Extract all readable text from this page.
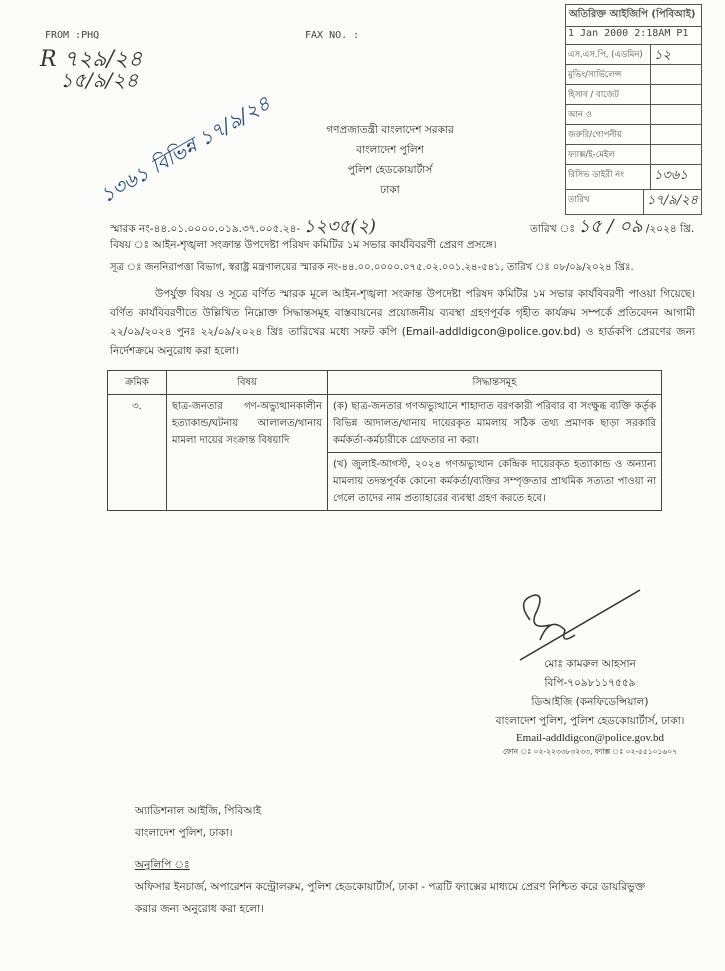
FROM :PHQ	FAX NO. :
R ৭২৯/২৪
১৫/৯/২৪
অতিরিক্ত আইজিপি (পিবিআই)
1 Jan 2000 2:18AM P1
এস.এস.পি, (এডমিন) ১২
মুভিং/সার্ভিলেন্স
হিসাব / বাজেট
আন ও
জরুরি/গোপনীয়
ফ্যাক্স/ই-মেইল
রিসিভ ডাইরী নং	১৩৬১
তারিখ	১৭/৯/২৪
১৩৬১ বিভিন্ন ১৭/৯/২৪	গণপ্রজাতন্ত্রী বাংলাদেশ সরকার
বাংলাদেশ পুলিশ
পুলিশ হেডকোয়ার্টার্স
ঢাকা
স্মারক নং-৪৪.০১.০০০০.০১৯.৩৭.০০৫.২৪- ১২৩৫(২)	তারিখ ঃ ১৫ / ০৯ /২০২৪ খ্রি.
বিষয় ঃ আইন-শৃঙ্খলা সংক্রান্ত উপদেষ্টা পরিষদ কমিটির ১ম সভার কার্যবিবরণী প্রেরণ প্রসঙ্গে।
সূত্র ঃ জননিরাপত্তা বিভাগ, স্বরাষ্ট্র মন্ত্রণালয়ের স্মারক নং-৪৪.০০.০০০০.০৭৫.০২.০০১.২৪-৫৪১, তারিখ ঃ ০৮/০৯/২০২৪ খ্রিঃ.
উপর্যুক্ত বিষয় ও সূত্রে বর্ণিত স্মারক মূলে আইন-শৃঙ্খলা সংক্রান্ত উপদেষ্টা পরিষদ কমিটির ১ম সভার কার্যবিবরণী পাওয়া গিয়েছে। বর্ণিত কার্যবিবরণীতে উল্লিখিত নিম্নোক্ত সিদ্ধান্তসমূহ বাস্তবায়নের প্রয়োজনীয় ব্যবস্থা গ্রহণপূর্বক গৃহীত কার্যক্রম সম্পর্কে প্রতিবেদন আগামী ২২/০৯/২০২৪ পুনঃ ২২/০৯/২০২৪ খ্রিঃ তারিখের মধ্যে সফট কপি (Email-addldigcon@police.gov.bd) ও হার্ডকপি প্রেরণের জন্য নির্দেশক্রমে অনুরোধ করা হলো।
ক্রমিক	বিষয়	সিদ্ধান্তসমূহ
৩.	ছাত্র-জনতার গণ-অভ্যুত্থানকালীন হত্যাকান্ড/ঘটনায় আলালত/থানায় মামলা দায়ের সংক্রান্ত বিষয়াদি	(ক) ছাত্র-জনতার গণঅভ্যুত্থানে শাহাদাত বরণকারী পরিবার বা সংক্ষুব্ধ ব্যক্তি কর্তৃক বিভিন্ন আদালত/থানায় দায়েরকৃত মামলায় সঠিক তথ্য প্রমাণক ছাড়া সরকারি কর্মকর্তা-কর্মচারীকে গ্রেফতার না করা।
		(খ) জুলাই-আগস্ট, ২০২৪ গণঅভ্যুত্থান কেন্দ্রিক দায়েরকৃত হত্যাকান্ড ও অন্যান্য মামলায় তদন্তপূর্বক কোনো কর্মকর্তা/ব্যক্তির সম্পৃক্ততার প্রাথমিক সত্যতা পাওয়া না গেলে তাদের নাম প্রত্যাহারের ব্যবস্থা গ্রহণ করতে হবে।
মোঃ কামরুল আহসান
বিপি-৭০৯৮১১৭৫৫৯
ডিআইজি (কনফিডেন্সিয়াল)
বাংলাদেশ পুলিশ, পুলিশ হেডকোয়ার্টার্স, ঢাকা।
Email-addldigcon@police.gov.bd
ফোন ঃ ০২-২২৩৩৮৩২৩৩, ফ্যাক্স ঃ ০২-৫৫১০১৬০৭
অ্যাডিশনাল আইজি, পিবিআই
বাংলাদেশ পুলিশ, ঢাকা।
অনুলিপি ঃ
অফিসার ইনচার্জ, অপারেশন কন্ট্রোলরুম, পুলিশ হেডকোয়ার্টার্স, ঢাকা - পত্রটি ফ্যাক্সের মাধ্যমে প্রেরণ নিশ্চিত করে ডায়রিভুক্ত করার জন্য অনুরোধ করা হলো।
